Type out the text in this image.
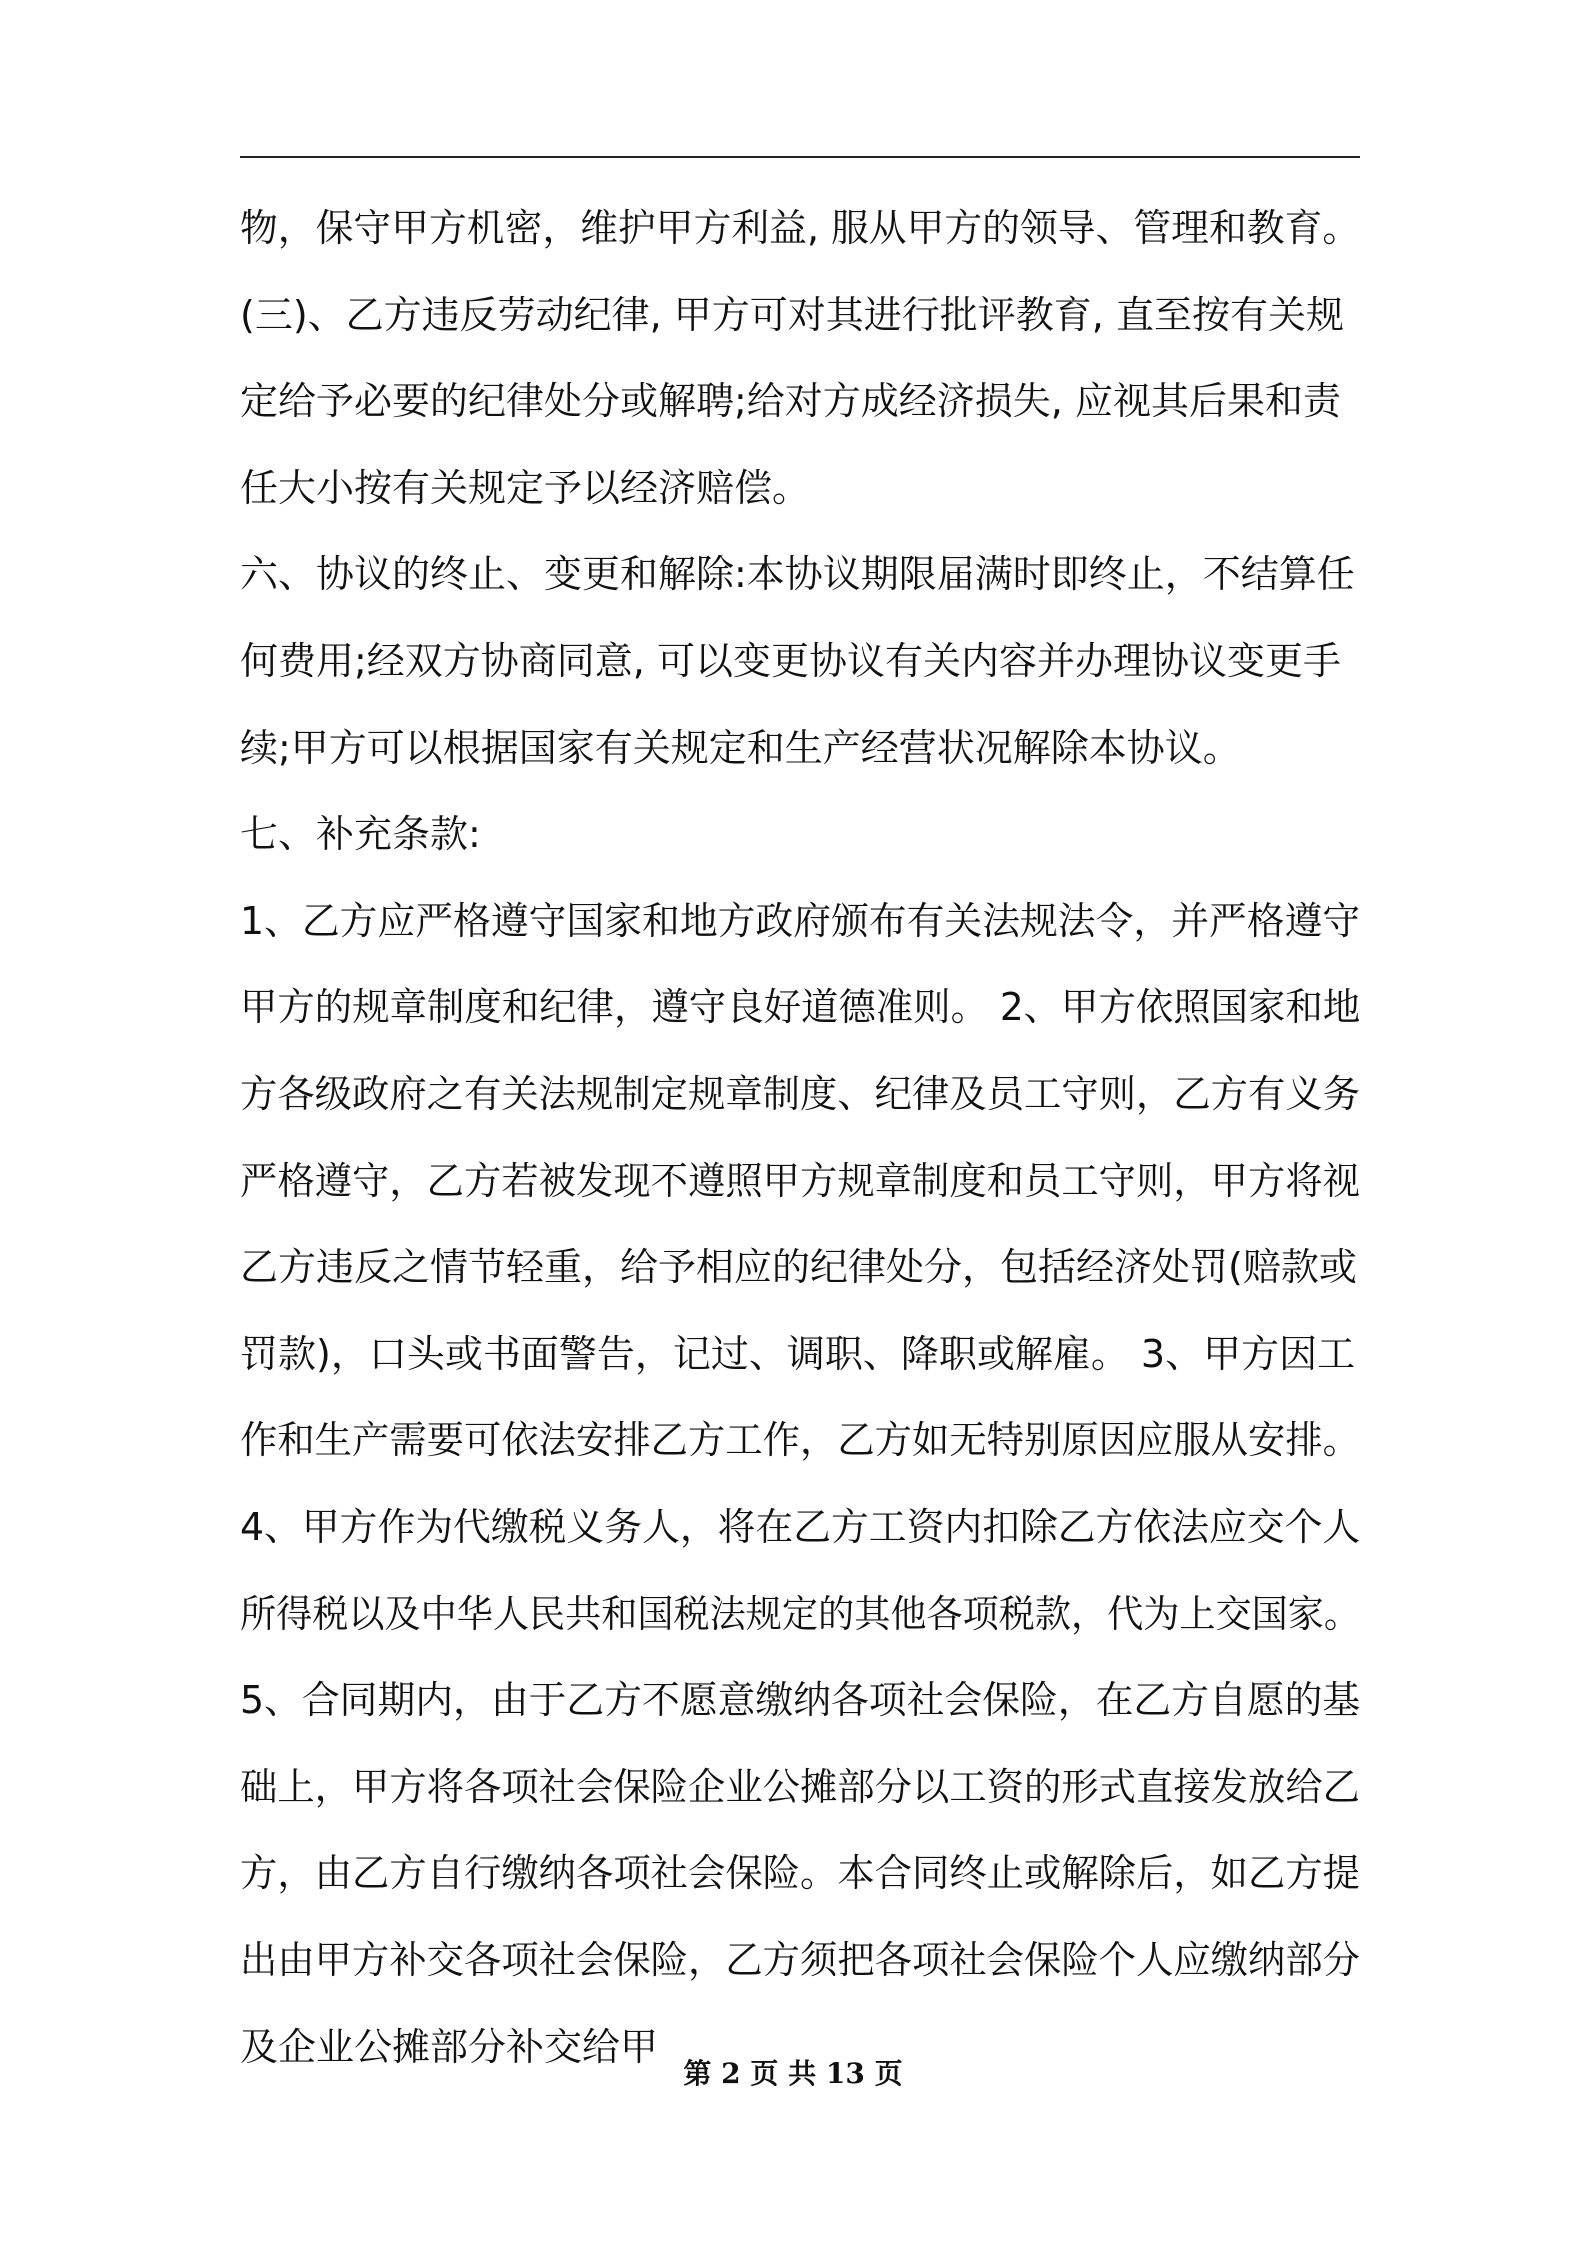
物，保守甲方机密，维护甲方利益, 服从甲方的领导、管理和教育。
(三)、乙方违反劳动纪律, 甲方可对其进行批评教育, 直至按有关规
定给予必要的纪律处分或解聘;给对方成经济损失, 应视其后果和责
任大小按有关规定予以经济赔偿。
六、协议的终止、变更和解除:本协议期限届满时即终止，不结算任
何费用;经双方协商同意, 可以变更协议有关内容并办理协议变更手
续;甲方可以根据国家有关规定和生产经营状况解除本协议。
七、补充条款:
1、乙方应严格遵守国家和地方政府颁布有关法规法令，并严格遵守
甲方的规章制度和纪律，遵守良好道德准则。 2、甲方依照国家和地
方各级政府之有关法规制定规章制度、纪律及员工守则，乙方有义务
严格遵守，乙方若被发现不遵照甲方规章制度和员工守则，甲方将视
乙方违反之情节轻重，给予相应的纪律处分，包括经济处罚(赔款或
罚款)，口头或书面警告，记过、调职、降职或解雇。 3、甲方因工
作和生产需要可依法安排乙方工作，乙方如无特别原因应服从安排。
4、甲方作为代缴税义务人，将在乙方工资内扣除乙方依法应交个人
所得税以及中华人民共和国税法规定的其他各项税款，代为上交国家。
5、合同期内，由于乙方不愿意缴纳各项社会保险，在乙方自愿的基
础上，甲方将各项社会保险企业公摊部分以工资的形式直接发放给乙
方，由乙方自行缴纳各项社会保险。本合同终止或解除后，如乙方提
出由甲方补交各项社会保险，乙方须把各项社会保险个人应缴纳部分
及企业公摊部分补交给甲
第 2 页 共 13 页
